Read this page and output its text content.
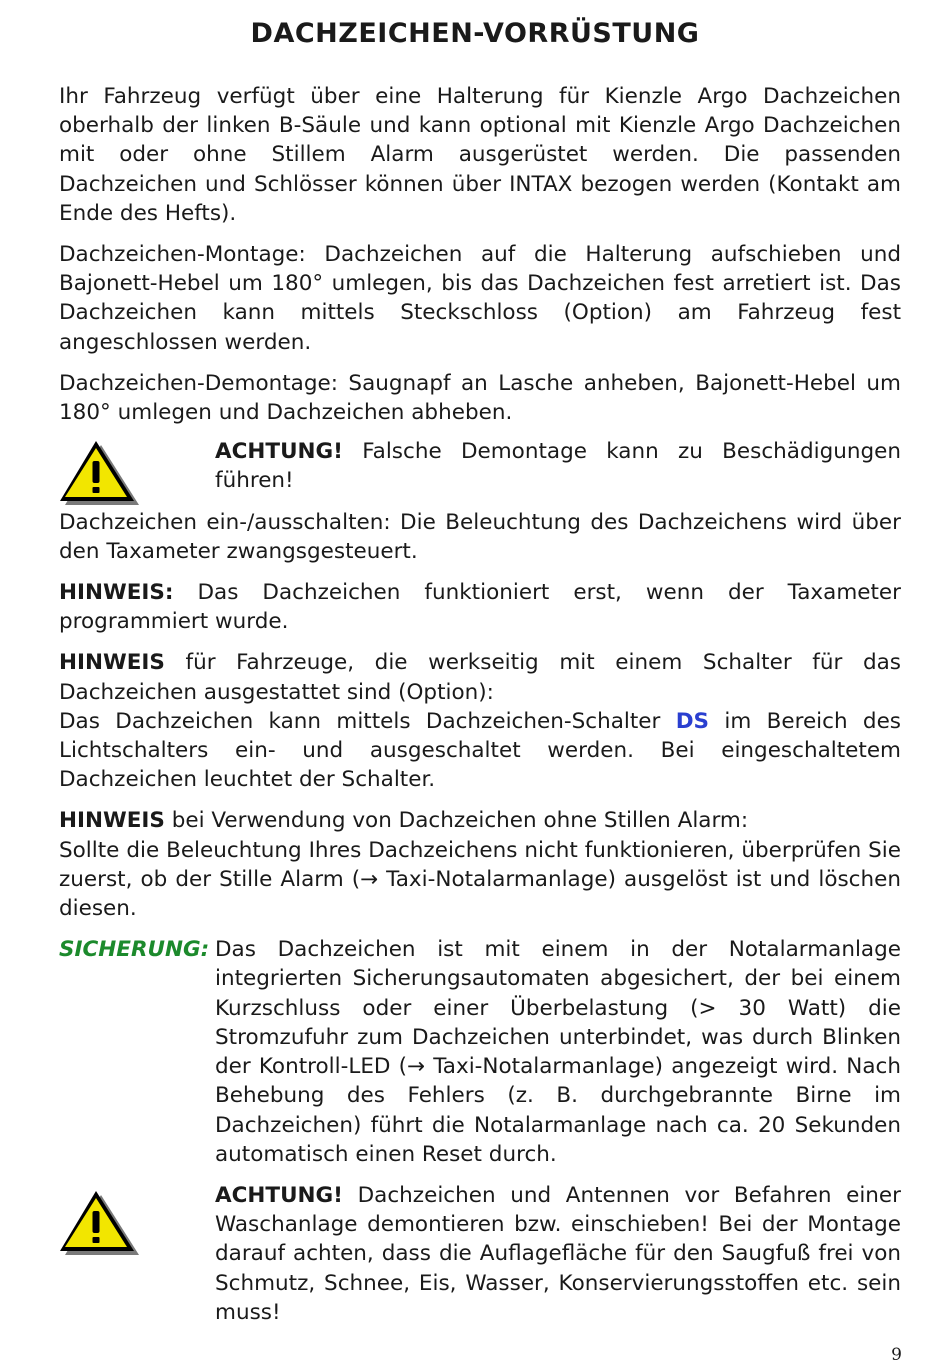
DACHZEICHEN-VORRÜSTUNG

Ihr Fahrzeug verfügt über eine Halterung für Kienzle Argo Dachzeichen oberhalb der linken B-Säule und kann optional mit Kienzle Argo Dachzeichen mit oder ohne Stillem Alarm ausgerüstet werden. Die passenden Dachzeichen und Schlösser können über INTAX bezogen werden (Kontakt am Ende des Hefts).

Dachzeichen-Montage: Dachzeichen auf die Halterung aufschieben und Bajonett-Hebel um 180° umlegen, bis das Dachzeichen fest arretiert ist. Das Dachzeichen kann mittels Steckschloss (Option) am Fahrzeug fest angeschlossen werden.

Dachzeichen-Demontage: Saugnapf an Lasche anheben, Bajonett-Hebel um 180° umlegen und Dachzeichen abheben.

ACHTUNG! Falsche Demontage kann zu Beschädigungen führen!

Dachzeichen ein-/ausschalten: Die Beleuchtung des Dachzeichens wird über den Taxameter zwangsgesteuert.

HINWEIS: Das Dachzeichen funktioniert erst, wenn der Taxameter programmiert wurde.

HINWEIS für Fahrzeuge, die werkseitig mit einem Schalter für das Dachzeichen ausgestattet sind (Option):

Das Dachzeichen kann mittels Dachzeichen-Schalter DS im Bereich des Lichtschalters ein- und ausgeschaltet werden. Bei eingeschaltetem Dachzeichen leuchtet der Schalter.

HINWEIS bei Verwendung von Dachzeichen ohne Stillen Alarm:

Sollte die Beleuchtung Ihres Dachzeichens nicht funktionieren, überprüfen Sie zuerst, ob der Stille Alarm (→ Taxi-Notalarmanlage) ausgelöst ist und löschen diesen.

SICHERUNG: Das Dachzeichen ist mit einem in der Notalarmanlage integrierten Sicherungsautomaten abgesichert, der bei einem Kurzschluss oder einer Überbelastung (> 30 Watt) die Stromzufuhr zum Dachzeichen unterbindet, was durch Blinken der Kontroll-LED (→ Taxi-Notalarmanlage) angezeigt wird. Nach Behebung des Fehlers (z. B. durchgebrannte Birne im Dachzeichen) führt die Notalarmanlage nach ca. 20 Sekunden automatisch einen Reset durch.

ACHTUNG! Dachzeichen und Antennen vor Befahren einer Waschanlage demontieren bzw. einschieben! Bei der Montage darauf achten, dass die Auflagefläche für den Saugfuß frei von Schmutz, Schnee, Eis, Wasser, Konservierungsstoffen etc. sein muss!

9
